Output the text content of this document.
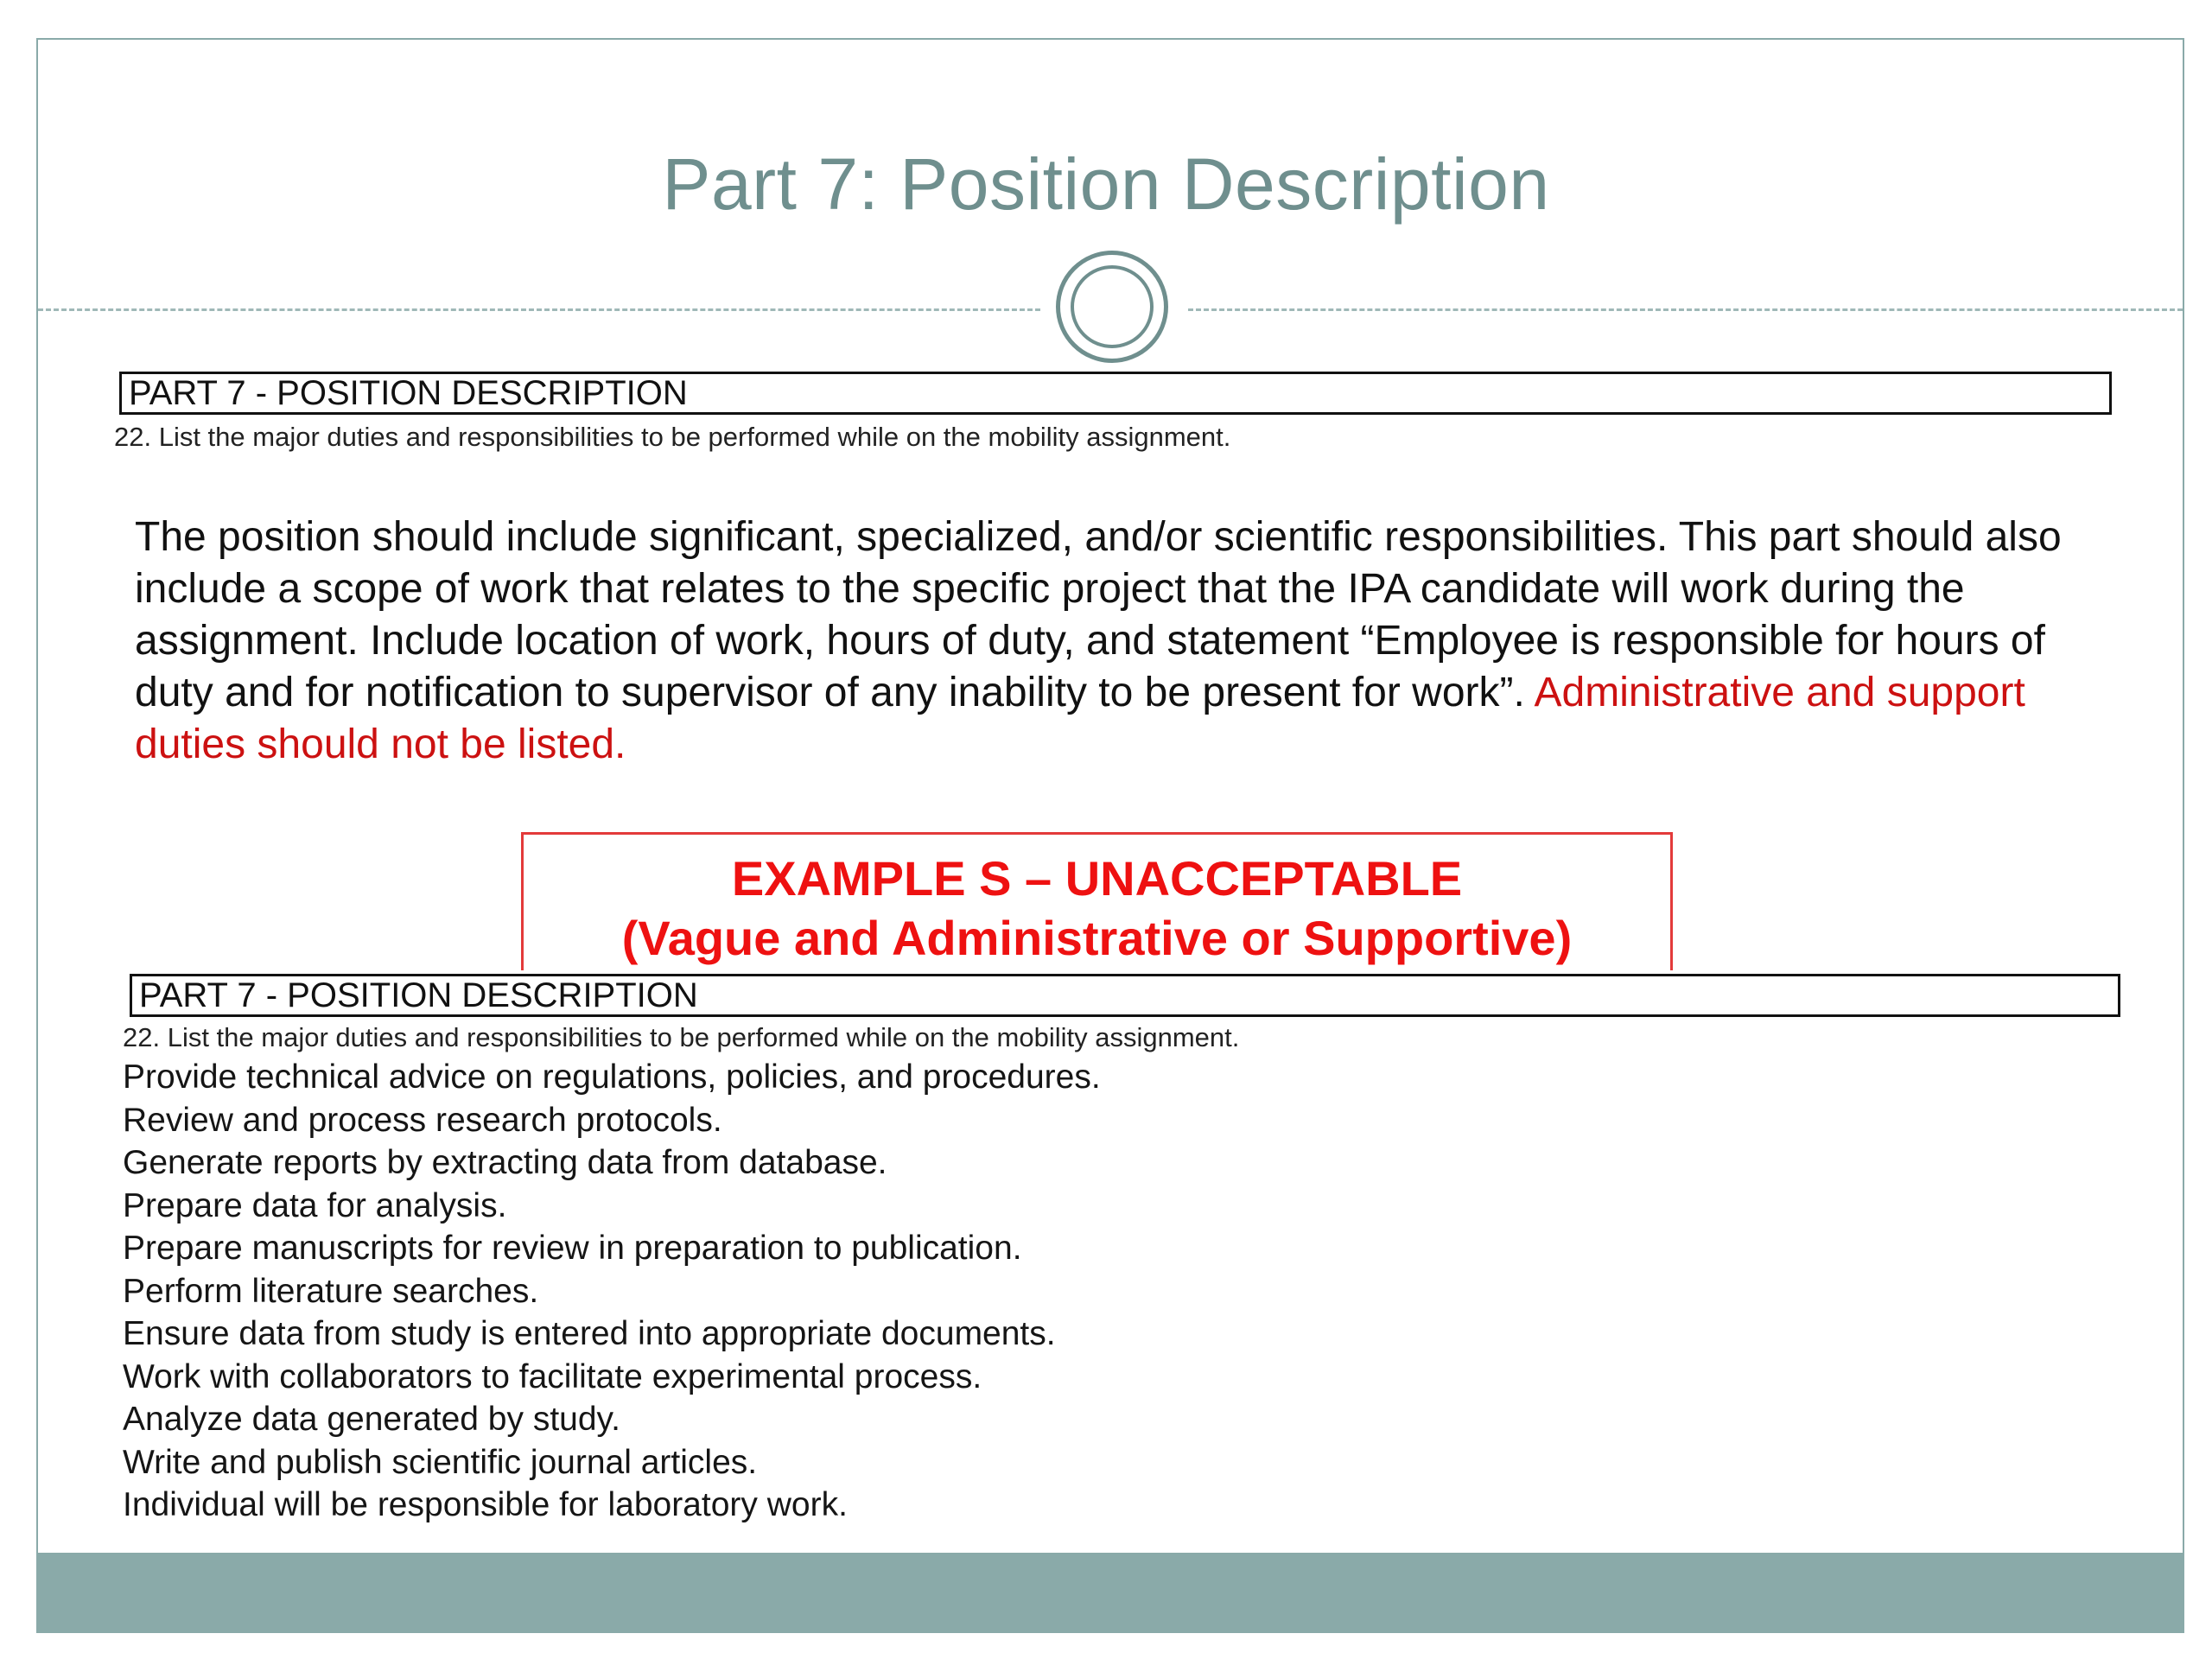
Part 7: Position Description
PART 7 - POSITION DESCRIPTION
22. List the major duties and responsibilities to be performed while on the mobility assignment.
The position should include significant, specialized, and/or scientific responsibilities. This part should also include a scope of work that relates to the specific project that the IPA candidate will work during the assignment. Include location of work, hours of duty, and statement “Employee is responsible for hours of duty and for notification to supervisor of any inability to be present for work”. Administrative and support duties should not be listed.
EXAMPLE S – UNACCEPTABLE
(Vague and Administrative or Supportive)
PART 7 - POSITION DESCRIPTION
22. List the major duties and responsibilities to be performed while on the mobility assignment.
Provide technical advice on regulations, policies, and procedures.
Review and process research protocols.
Generate reports by extracting data from database.
Prepare data for analysis.
Prepare manuscripts for review in preparation to publication.
Perform literature searches.
Ensure data from study is entered into appropriate documents.
Work with collaborators to facilitate experimental process.
Analyze data generated by study.
Write and publish scientific journal articles.
Individual will be responsible for laboratory work.
